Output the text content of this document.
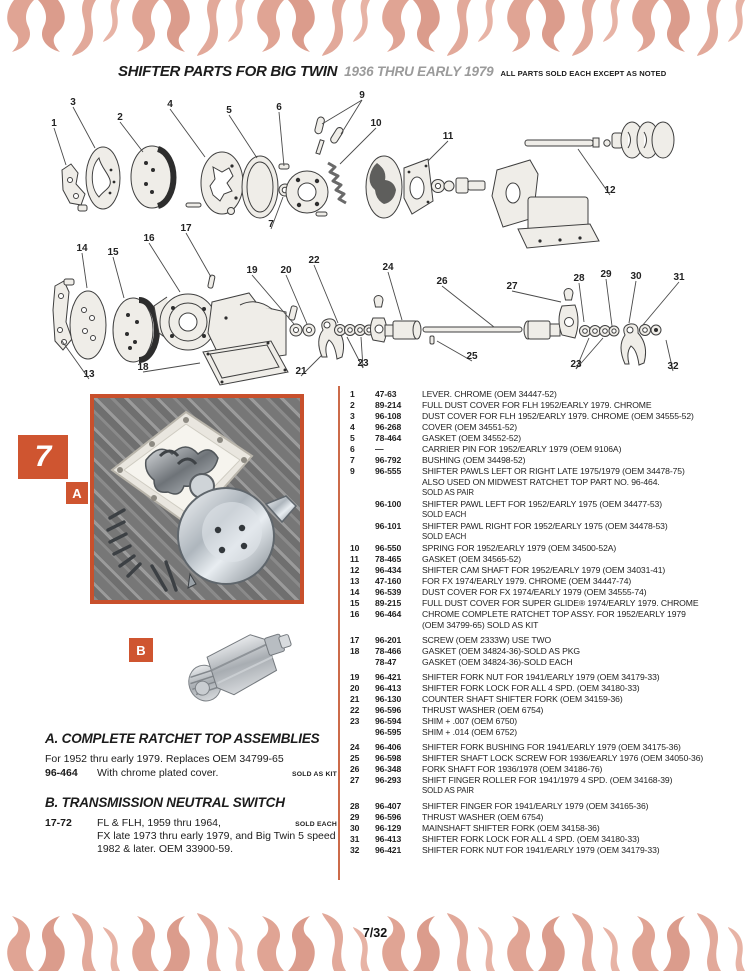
SHIFTER PARTS FOR BIG TWIN 1936 THRU EARLY 1979 ALL PARTS SOLD EACH EXCEPT AS NOTED
1
3
2
4
5	6
9
10
11
12
7
17
16
14 15
19 20
22
13
18	21
23
24
26
25
27
28 29 30	31
23	32
7
A
B
1	47-63	LEVER. CHROME (OEM 34447-52)
2	89-214	FULL DUST COVER FOR FLH 1952/EARLY 1979. CHROME
3	96-108	DUST COVER FOR FLH 1952/EARLY 1979. CHROME (OEM 34555-52)
4	96-268	COVER (OEM 34551-52)
5	78-464	GASKET (OEM 34552-52)
6	—	CARRIER PIN FOR 1952/EARLY 1979 (OEM 9106A)
7	96-792	BUSHING (OEM 34498-52)
9	96-555	SHIFTER PAWLS LEFT OR RIGHT LATE 1975/1979 (OEM 34478-75)
ALSO USED ON MIDWEST RATCHET TOP PART NO. 96-464.
SOLD AS PAIR
96-100	SHIFTER PAWL LEFT FOR 1952/EARLY 1975 (OEM 34477-53)
SOLD EACH
96-101	SHIFTER PAWL RIGHT FOR 1952/EARLY 1975 (OEM 34478-53)
SOLD EACH
10	96-550	SPRING FOR 1952/EARLY 1979 (OEM 34500-52A)
11	78-465	GASKET (OEM 34565-52)
12	96-434	SHIFTER CAM SHAFT FOR 1952/EARLY 1979 (OEM 34031-41)
13	47-160	FOR FX 1974/EARLY 1979. CHROME (OEM 34447-74)
14	96-539	DUST COVER FOR FX 1974/EARLY 1979 (OEM 34555-74)
15	89-215	FULL DUST COVER FOR SUPER GLIDE® 1974/EARLY 1979. CHROME
16	96-464	CHROME COMPLETE RATCHET TOP ASSY. FOR 1952/EARLY 1979
(OEM 34799-65) SOLD AS KIT
17	96-201	SCREW (OEM 2333W) USE TWO
18	78-466	GASKET (OEM 34824-36)-SOLD AS PKG
78-47	GASKET (OEM 34824-36)-SOLD EACH
19	96-421	SHIFTER FORK NUT FOR 1941/EARLY 1979 (OEM 34179-33)
20	96-413	SHIFTER FORK LOCK FOR ALL 4 SPD. (OEM 34180-33)
21	96-130	COUNTER SHAFT SHIFTER FORK (OEM 34159-36)
22	96-596	THRUST WASHER (OEM 6754)
23	96-594	SHIM + .007 (OEM 6750)
96-595	SHIM + .014 (OEM 6752)
24	96-406	SHIFTER FORK BUSHING FOR 1941/EARLY 1979 (OEM 34175-36)
25	96-598	SHIFTER SHAFT LOCK SCREW FOR 1936/EARLY 1976 (OEM 34050-36)
26	96-348	FORK SHAFT FOR 1936/1978 (OEM 34186-76)
27	96-293	SHIFT FINGER ROLLER FOR 1941/1979 4 SPD. (OEM 34168-39)
SOLD AS PAIR
28	96-407	SHIFTER FINGER FOR 1941/EARLY 1979 (OEM 34165-36)
29	96-596	THRUST WASHER (OEM 6754)
30	96-129	MAINSHAFT SHIFTER FORK (OEM 34158-36)
31	96-413	SHIFTER FORK LOCK FOR ALL 4 SPD. (OEM 34180-33)
32	96-421	SHIFTER FORK NUT FOR 1941/EARLY 1979 (OEM 34179-33)
A. COMPLETE RATCHET TOP ASSEMBLIES
For 1952 thru early 1979. Replaces OEM 34799-65
96-464	With chrome plated cover.	SOLD AS KIT
B. TRANSMISSION NEUTRAL SWITCH
17-72	FL & FLH, 1959 thru 1964,	SOLD EACH
FX late 1973 thru early 1979, and Big Twin 5 speed
1982 & later. OEM 33900-59.
